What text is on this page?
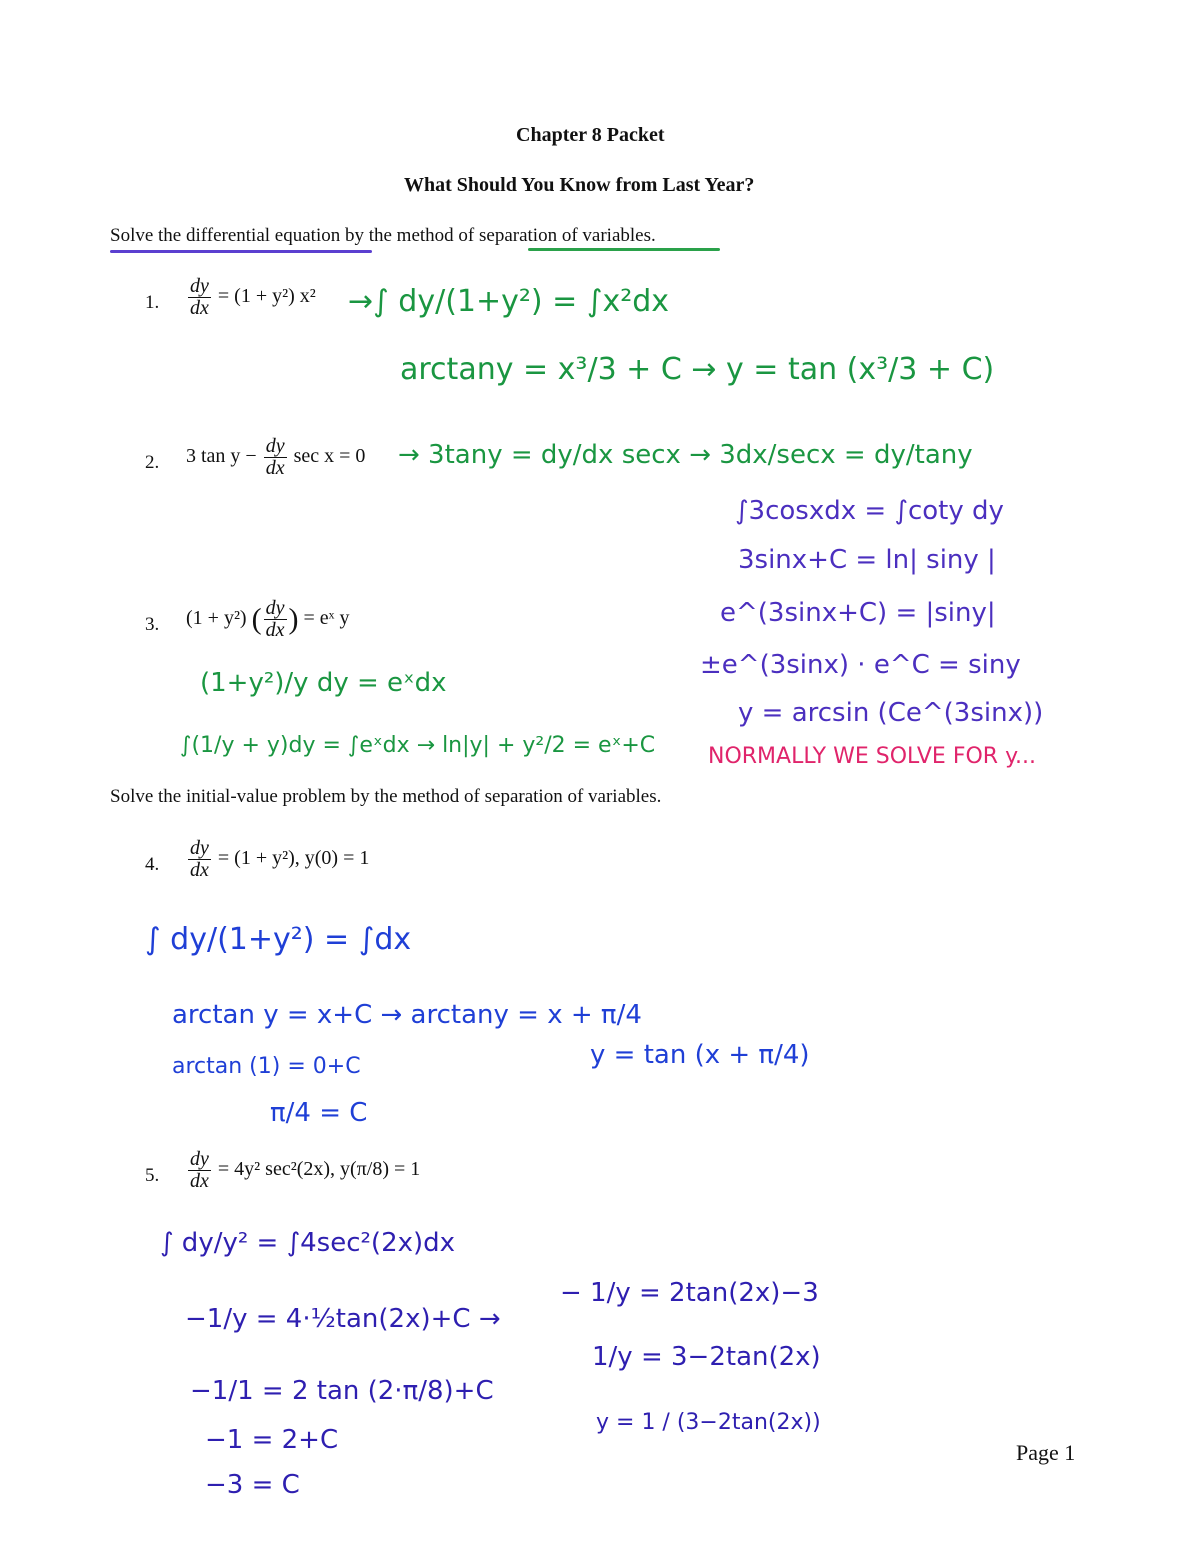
Chapter 8 Packet
What Should You Know from Last Year?
Solve the differential equation by the method of separation of variables.
1. $\frac{dy}{dx} = (1 + y^2)$ x² →∫ dy/(1+y²) = ∫x²dx
arctany = x³/3 + C → y = tan (x³/3 + C)
2. 3 $\tan y - \frac{dy}{dx}$ sec x = 0 → 3tany = dy/dx secx → 3dx/secx = dy/tany
∫3cosxdx = ∫coty dy
3sinx+C = ln| siny |
e^(3sinx+C) = |siny|
±e^(3sinx) · e^C = siny
y = arcsin (Ce^(3sinx))
NORMALLY WE SOLVE FOR y...
3. (1 + y²) ( $\frac{dy}{dx}$ ) = eˣ y
(1+y²)/y dy = eˣdx
∫(1/y + y)dy = ∫eˣdx → ln|y| + y²/2 = eˣ+C
Solve the initial-value problem by the method of separation of variables.
4. $\frac{dy}{dx} = (1 + y^2)$, y(0) = 1
∫ dy/(1+y²) = ∫dx
arctan y = x+C → arctany = x + π/4
arctan (1) = 0+C	y = tan (x + π/4)
π/4 = C
5. $\frac{dy}{dx} = 4y^2$ sec²(2x), y(π/8) = 1
∫ dy/y² = ∫4sec²(2x)dx
−1/y = 4·½tan(2x)+C →
− 1/y = 2tan(2x)−3
1/y = 3−2tan(2x)
−1/1 = 2 tan (2·π/8)+C
y = 1 / (3−2tan(2x))
−1 = 2+C
−3 = C
Page 1
